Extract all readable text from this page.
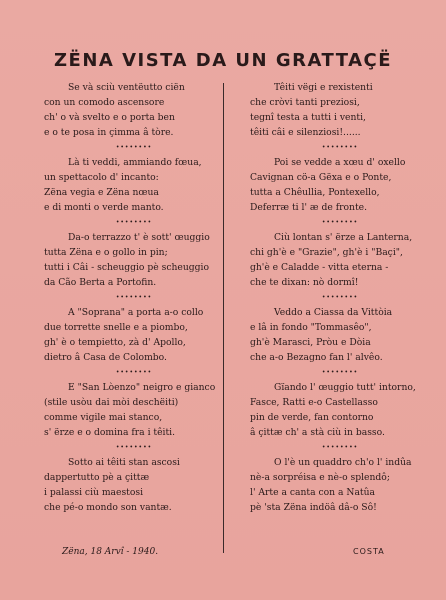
ZËNA VISTA DA UN GRATTAÇË
Se và sciù ventëutto ciën
con un comodo ascensore
ch' o và svelto e o porta ben
e o te posa in çimma â tòre.
••••••••
Là ti veddi, ammiando fœua,
un spettacolo d' incanto:
Zëna vegia e Zëna nœua
e di monti o verde manto.
••••••••
Da-o terrazzo t' è sott' œuggio
tutta Zëna e o gollo in pin;
tutti i Câi - scheuggio pè scheuggio
da Cão Berta a Portofin.
••••••••
A "Soprana" a porta a-o collo
due torrette snelle e a piombo,
gh' è o tempietto, zà d' Apollo,
dietro â Casa de Colombo.
••••••••
E "San Lòenzo" neigro e gianco
(stile usòu dai mòi deschëiti)
comme vigile mai stanco,
s' ërze e o domina fra i têiti.
••••••••
Sotto ai têiti stan ascosi
dappertutto pè a çittæ
i palassi ciù maestosi
che pé-o mondo son vantæ.
Têiti vëgi e rexistenti
che cròvi tanti preziosi,
tegnî testa a tutti i venti,
têiti câi e silenziosi!......
••••••••
Poi se vedde a xœu d' oxello
Cavignan cö-a Gëxa e o Ponte,
tutta a Chêullia, Pontexello,
Deferræ ti l' æ de fronte.
••••••••
Ciù lontan s' ërze a Lanterna,
chi gh'è e "Grazie", gh'è i "Baçi",
gh'è e Caladde - vitta eterna -
che te dixan: nò dormî!
••••••••
Veddo a Ciassa da Vittòia
e lâ in fondo "Tommasêo",
gh'è Marasci, Pròu e Dòia
che a-o Bezagno fan l' alvêo.
••••••••
Gïando l' œuggio tutt' intorno,
Fasce, Ratti e-o Castellasso
pin de verde, fan contorno
â çittæ ch' a stà ciù in basso.
••••••••
O l'è un quaddro ch'o l' indûa
nè-a sorpréisa e nè-o splendô;
l' Arte a canta con a Natûa
pè 'sta Zëna indöâ dâ-o Sô!
Zëna, 18 Arvî - 1940.	COSTA
